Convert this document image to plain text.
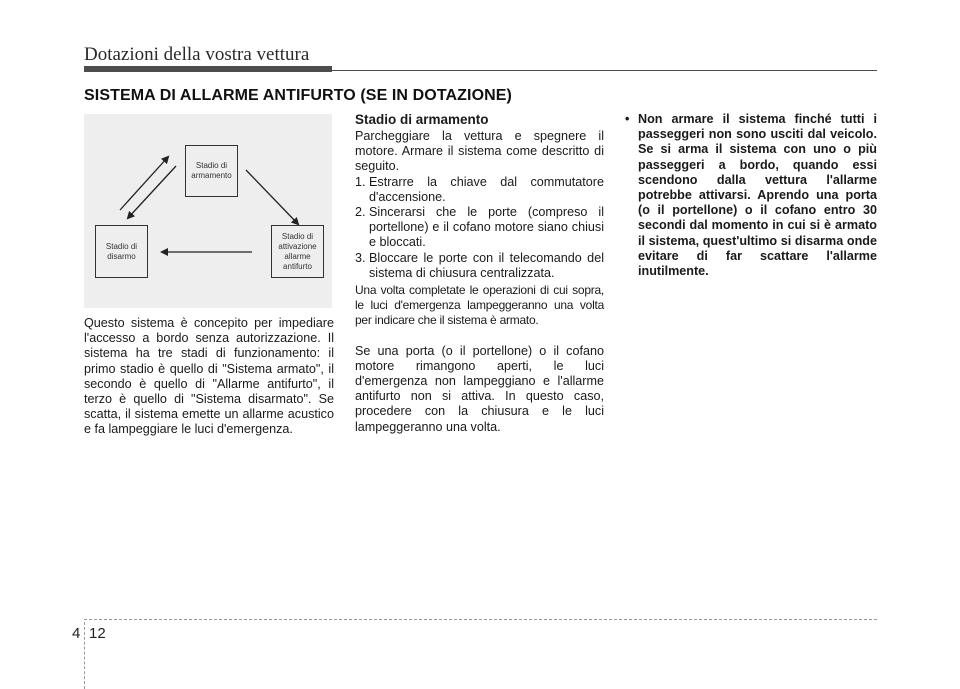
Dotazioni della vostra vettura
SISTEMA DI ALLARME ANTIFURTO (SE IN DOTAZIONE)
Stadio di armamento
Stadio di attivazione allarme antifurto
Stadio di disarmo

Questo sistema è concepito per impediare l'accesso a bordo senza autorizzazione. Il sistema ha tre stadi di funzionamento: il primo stadio è quello di "Sistema armato", il secondo è quello di "Allarme antifurto", il terzo è quello di "Sistema disarmato". Se scatta, il sistema emette un allarme acustico e fa lampeggiare le luci d'emergenza.

Stadio di armamento

Parcheggiare la vettura e spegnere il motore. Armare il sistema come descritto di seguito.

1. Estrarre la chiave dal commutatore d'accensione.
2. Sincerarsi che le porte (compreso il portellone) e il cofano motore siano chiusi e bloccati.
3. Bloccare le porte con il telecomando del sistema di chiusura centralizzata.

Una volta completate le operazioni di cui sopra, le luci d'emergenza lampeggeranno una volta per indicare che il sistema è armato.

Se una porta (o il portellone) o il cofano motore rimangono aperti, le luci d'emergenza non lampeggiano e l'allarme antifurto non si attiva. In questo caso, procedere con la chiusura e le luci lampeggeranno una volta.

• Non armare il sistema finché tutti i passeggeri non sono usciti dal veicolo. Se si arma il sistema con uno o più passeggeri a bordo, quando essi scendono dalla vettura l'allarme potrebbe attivarsi. Aprendo una porta (o il portellone) o il cofano entro 30 secondi dal momento in cui si è armato il sistema, quest'ultimo si disarma onde evitare di far scattare l'allarme inutilmente.
4 12
